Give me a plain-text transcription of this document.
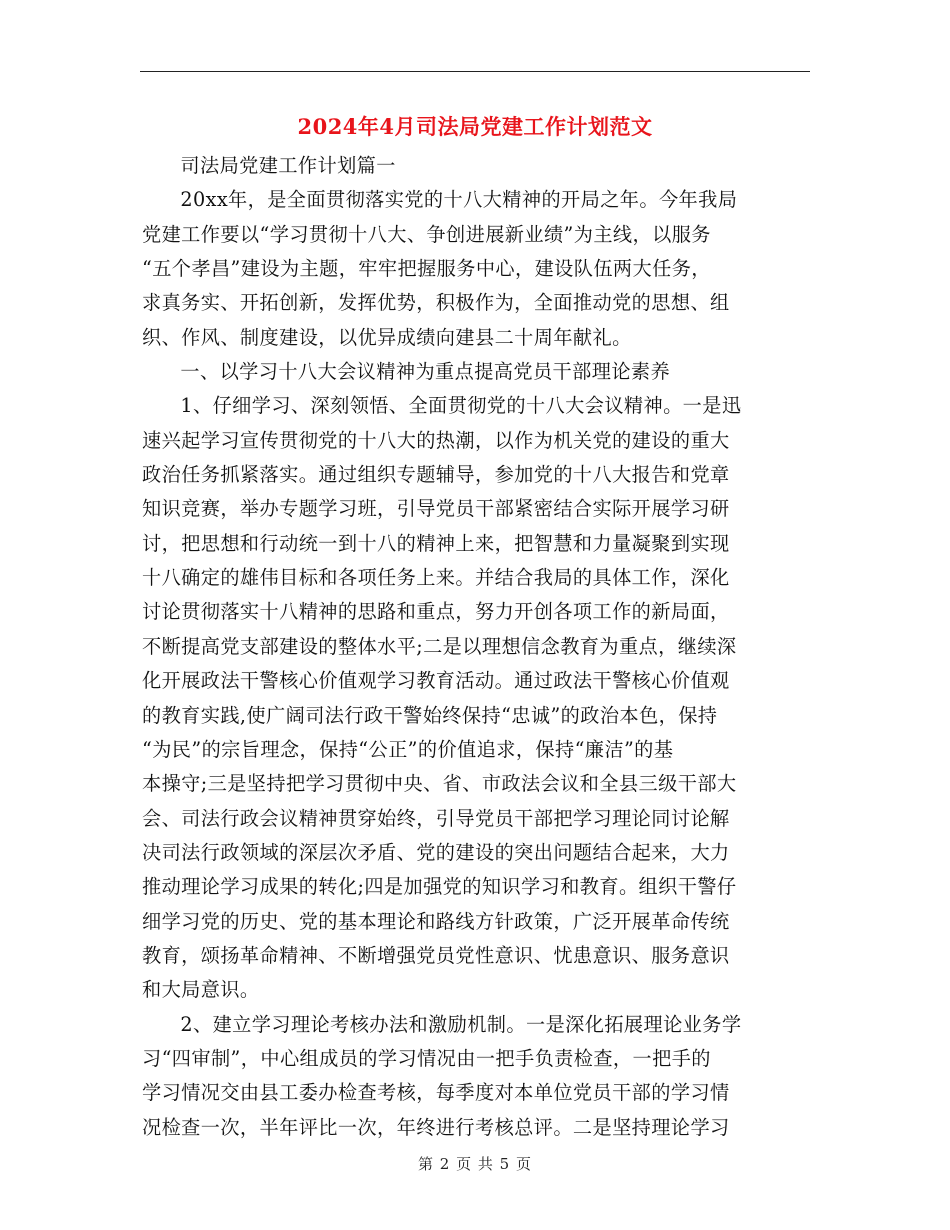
2024年4月司法局党建工作计划范文

司法局党建工作计划篇一

20xx年，是全面贯彻落实党的十八大精神的开局之年。今年我局
党建工作要以“学习贯彻十八大、争创进展新业绩”为主线，以服务
“五个孝昌”建设为主题，牢牢把握服务中心，建设队伍两大任务，
求真务实、开拓创新，发挥优势，积极作为，全面推动党的思想、组
织、作风、制度建设，以优异成绩向建县二十周年献礼。

一、以学习十八大会议精神为重点提高党员干部理论素养

1、仔细学习、深刻领悟、全面贯彻党的十八大会议精神。一是迅
速兴起学习宣传贯彻党的十八大的热潮，以作为机关党的建设的重大
政治任务抓紧落实。通过组织专题辅导，参加党的十八大报告和党章
知识竞赛，举办专题学习班，引导党员干部紧密结合实际开展学习研
讨，把思想和行动统一到十八的精神上来，把智慧和力量凝聚到实现
十八确定的雄伟目标和各项任务上来。并结合我局的具体工作，深化
讨论贯彻落实十八精神的思路和重点，努力开创各项工作的新局面，
不断提高党支部建设的整体水平;二是以理想信念教育为重点，继续深
化开展政法干警核心价值观学习教育活动。通过政法干警核心价值观
的教育实践,使广阔司法行政干警始终保持“忠诚”的政治本色，保持
“为民”的宗旨理念，保持“公正”的价值追求，保持“廉洁”的基
本操守;三是坚持把学习贯彻中央、省、市政法会议和全县三级干部大
会、司法行政会议精神贯穿始终，引导党员干部把学习理论同讨论解
决司法行政领域的深层次矛盾、党的建设的突出问题结合起来，大力
推动理论学习成果的转化;四是加强党的知识学习和教育。组织干警仔
细学习党的历史、党的基本理论和路线方针政策，广泛开展革命传统
教育，颂扬革命精神、不断增强党员党性意识、忧患意识、服务意识
和大局意识。

2、建立学习理论考核办法和激励机制。一是深化拓展理论业务学
习“四审制”，中心组成员的学习情况由一把手负责检查，一把手的
学习情况交由县工委办检查考核，每季度对本单位党员干部的学习情
况检查一次，半年评比一次，年终进行考核总评。二是坚持理论学习

第 2 页 共 5 页
